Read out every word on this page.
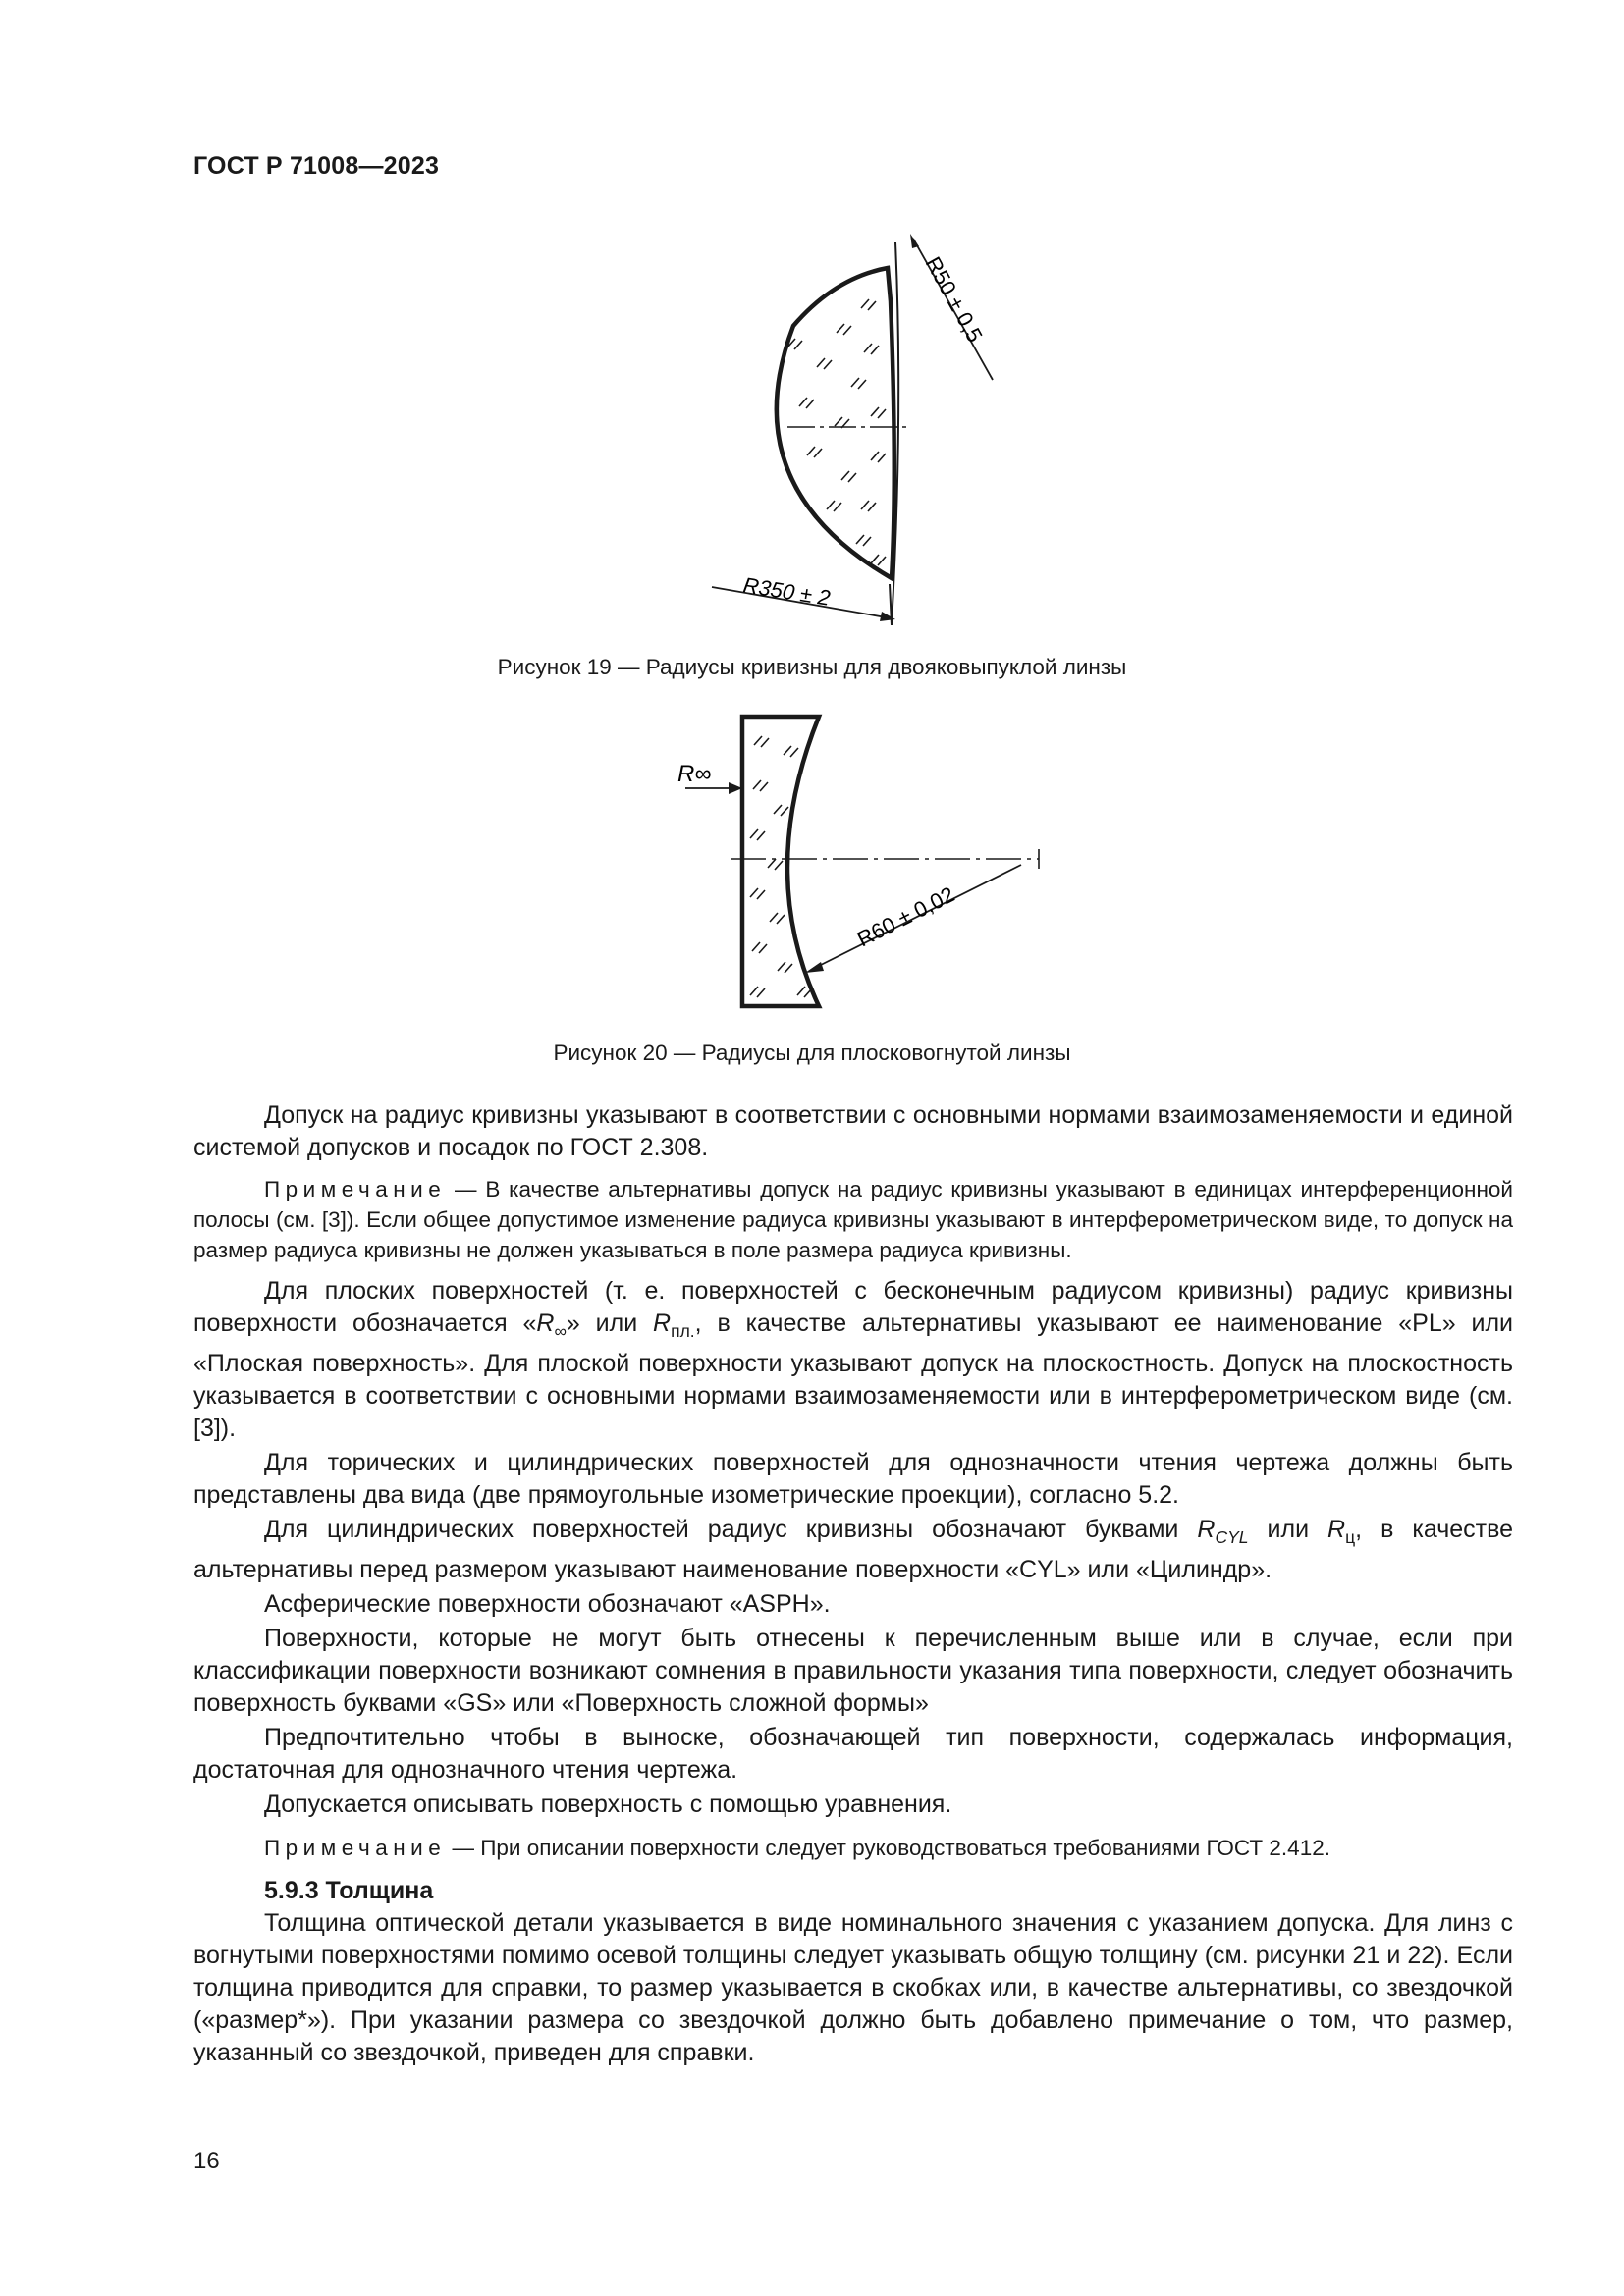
ГОСТ Р 71008—2023
R50 ± 0,5
R350 ± 2
Рисунок 19 — Радиусы кривизны для двояковыпуклой линзы
R∞
R60 ± 0,02
Рисунок 20 — Радиусы для плосковогнутой линзы

Допуск на радиус кривизны указывают в соответствии с основными нормами взаимозаменяемости и единой системой допусков и посадок по ГОСТ 2.308.

Примечание — В качестве альтернативы допуск на радиус кривизны указывают в единицах интерференционной полосы (см. [3]). Если общее допустимое изменение радиуса кривизны указывают в интерферометрическом виде, то допуск на размер радиуса кривизны не должен указываться в поле размера радиуса кривизны.

Для плоских поверхностей (т. е. поверхностей с бесконечным радиусом кривизны) радиус кривизны поверхности обозначается «$R_\infty$» или $R_{пл.}$, в качестве альтернативы указывают ее наименование «PL» или «Плоская поверхность». Для плоской поверхности указывают допуск на плоскостность. Допуск на плоскостность указывается в соответствии с основными нормами взаимозаменяемости или в интерферометрическом виде (см. [3]).

Для торических и цилиндрических поверхностей для однозначности чтения чертежа должны быть представлены два вида (две прямоугольные изометрические проекции), согласно 5.2.

Для цилиндрических поверхностей радиус кривизны обозначают буквами $R_{CYL}$ или $R_ц$, в качестве альтернативы перед размером указывают наименование поверхности «CYL» или «Цилиндр».

Асферические поверхности обозначают «ASPH».

Поверхности, которые не могут быть отнесены к перечисленным выше или в случае, если при классификации поверхности возникают сомнения в правильности указания типа поверхности, следует обозначить поверхность буквами «GS» или «Поверхность сложной формы»

Предпочтительно чтобы в выноске, обозначающей тип поверхности, содержалась информация, достаточная для однозначного чтения чертежа.

Допускается описывать поверхность с помощью уравнения.

Примечание — При описании поверхности следует руководствоваться требованиями ГОСТ 2.412.

5.9.3 Толщина

Толщина оптической детали указывается в виде номинального значения с указанием допуска. Для линз с вогнутыми поверхностями помимо осевой толщины следует указывать общую толщину (см. рисунки 21 и 22). Если толщина приводится для справки, то размер указывается в скобках или, в качестве альтернативы, со звездочкой («размер*»). При указании размера со звездочкой должно быть добавлено примечание о том, что размер, указанный со звездочкой, приведен для справки.

16
